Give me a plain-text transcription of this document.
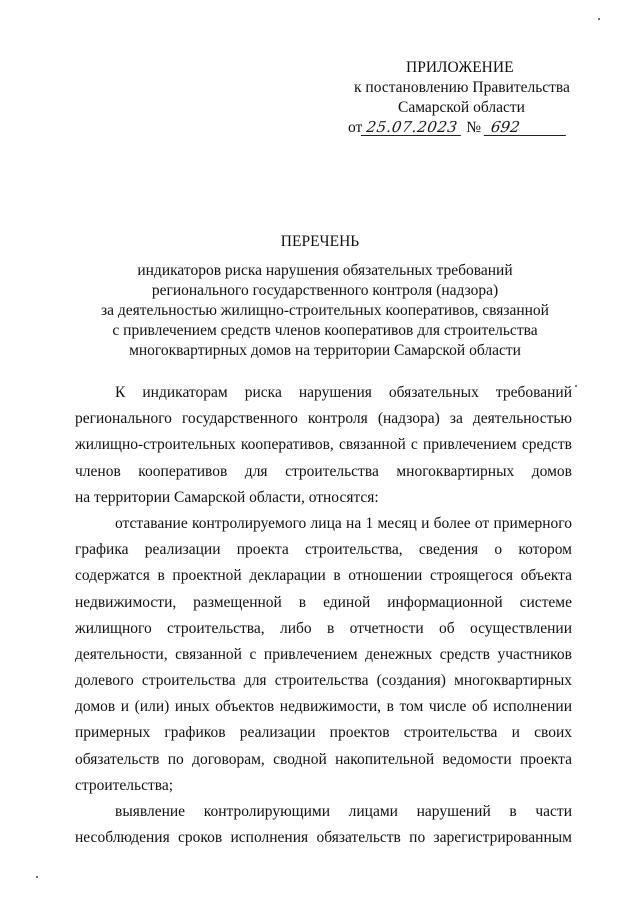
ПРИЛОЖЕНИЕ
к постановлению Правительства
Самарской области
от 25.07.2023 № 692
ПЕРЕЧЕНЬ
индикаторов риска нарушения обязательных требований
регионального государственного контроля (надзора)
за деятельностью жилищно-строительных кооперативов, связанной
с привлечением средств членов кооперативов для строительства
многоквартирных домов на территории Самарской области
К индикаторам риска нарушения обязательных требований
регионального государственного контроля (надзора) за деятельностью
жилищно-строительных кооперативов, связанной с привлечением средств
членов кооперативов для строительства многоквартирных домов
на территории Самарской области, относятся:
отставание контролируемого лица на 1 месяц и более от примерного
графика реализации проекта строительства, сведения о котором
содержатся в проектной декларации в отношении строящегося объекта
недвижимости, размещенной в единой информационной системе
жилищного строительства, либо в отчетности об осуществлении
деятельности, связанной с привлечением денежных средств участников
долевого строительства для строительства (создания) многоквартирных
домов и (или) иных объектов недвижимости, в том числе об исполнении
примерных графиков реализации проектов строительства и своих
обязательств по договорам, сводной накопительной ведомости проекта
строительства;
выявление контролирующими лицами нарушений в части
несоблюдения сроков исполнения обязательств по зарегистрированным
